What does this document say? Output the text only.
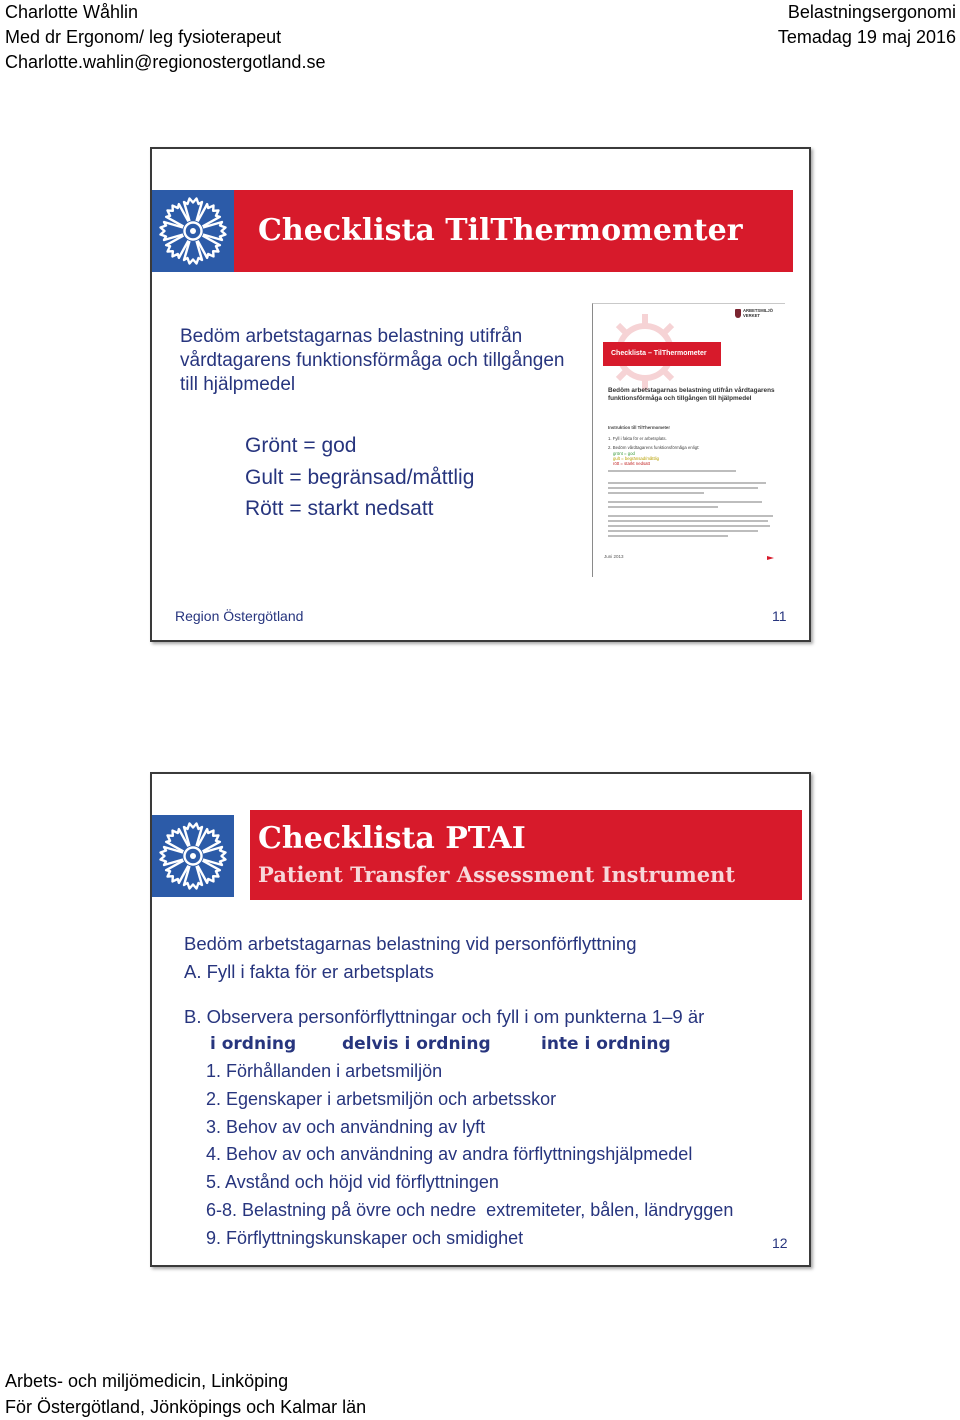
Charlotte Wåhlin
Med dr Ergonom/ leg fysioterapeut
Charlotte.wahlin@regionostergotland.se
Belastningsergonomi
Temadag 19 maj 2016
Checklista TilThermomenter
Bedöm arbetstagarnas belastning utifrån
vårdtagarens funktionsförmåga och tillgången
till hjälpmedel
Grönt = god
Gult = begränsad/måttlig
Rött = starkt nedsatt
ARBETSMILJÖ VERKET
Checklista – TilThermometer
Bedöm arbetstagarnas belastning utifrån vårdtagarens funktionsförmåga och tillgången till hjälpmedel
Instruktion till TilThermometer
1. Fyll i fakta för er arbetsplats.
2. Bedöm vårdtagarens funktionsförmåga enligt:
grönt = god
gult = begränsad/måttlig
rött = starkt nedsatt
Juni 2013
Region Östergötland	11
Checklista PTAI
Patient Transfer Assessment Instrument
Bedöm arbetstagarnas belastning vid personförflyttning
A. Fyll i fakta för er arbetsplats
B. Observera personförflyttningar och fyll i om punkterna 1–9 är
i ordning	delvis i ordning	inte i ordning
1. Förhållanden i arbetsmiljön
2. Egenskaper i arbetsmiljön och arbetsskor
3. Behov av och användning av lyft
4. Behov av och användning av andra förflyttningshjälpmedel
5. Avstånd och höjd vid förflyttningen
6-8. Belastning på övre och nedre  extremiteter, bålen, ländryggen
9. Förflyttningskunskaper och smidighet	12
Arbets- och miljömedicin, Linköping
För Östergötland, Jönköpings och Kalmar län
